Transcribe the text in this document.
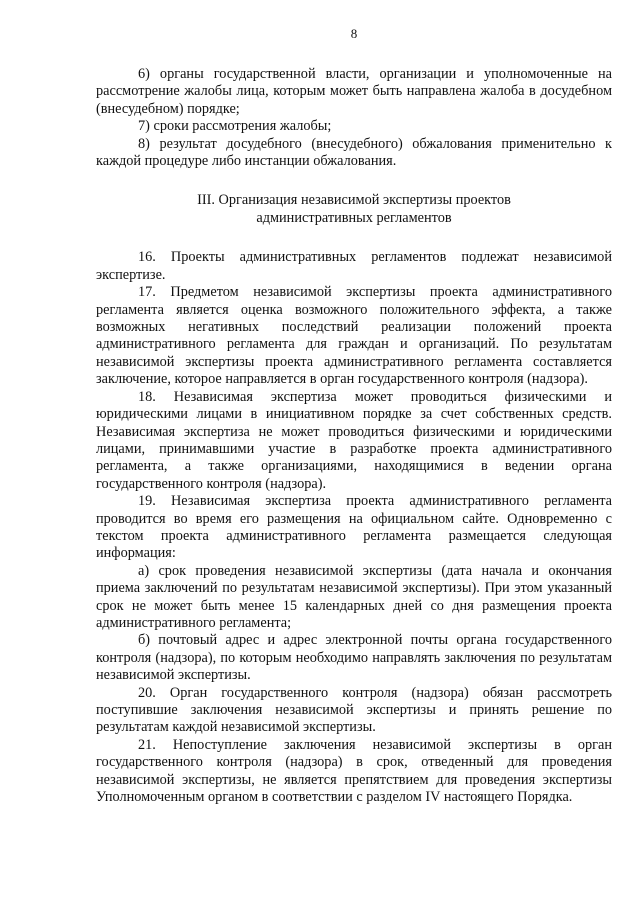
8

6) органы государственной власти, организации и уполномоченные на рассмотрение жалобы лица, которым может быть направлена жалоба в досудебном (внесудебном) порядке;

7) сроки рассмотрения жалобы;

8) результат досудебного (внесудебного) обжалования применительно к каждой процедуре либо инстанции обжалования.

III. Организация независимой экспертизы проектов
административных регламентов

16. Проекты административных регламентов подлежат независимой экспертизе.

17. Предметом независимой экспертизы проекта административного регламента является оценка возможного положительного эффекта, а также возможных негативных последствий реализации положений проекта административного регламента для граждан и организаций. По результатам независимой экспертизы проекта административного регламента составляется заключение, которое направляется в орган государственного контроля (надзора).

18. Независимая экспертиза может проводиться физическими и юридическими лицами в инициативном порядке за счет собственных средств. Независимая экспертиза не может проводиться физическими и юридическими лицами, принимавшими участие в разработке проекта административного регламента, а также организациями, находящимися в ведении органа государственного контроля (надзора).

19. Независимая экспертиза проекта административного регламента проводится во время его размещения на официальном сайте. Одновременно с текстом проекта административного регламента размещается следующая информация:

а) срок проведения независимой экспертизы (дата начала и окончания приема заключений по результатам независимой экспертизы). При этом указанный срок не может быть менее 15 календарных дней со дня размещения проекта административного регламента;

б) почтовый адрес и адрес электронной почты органа государственного контроля (надзора), по которым необходимо направлять заключения по результатам независимой экспертизы.

20. Орган государственного контроля (надзора) обязан рассмотреть поступившие заключения независимой экспертизы и принять решение по результатам каждой независимой экспертизы.

21. Непоступление заключения независимой экспертизы в орган государственного контроля (надзора) в срок, отведенный для проведения независимой экспертизы, не является препятствием для проведения экспертизы Уполномоченным органом в соответствии с разделом IV настоящего Порядка.
